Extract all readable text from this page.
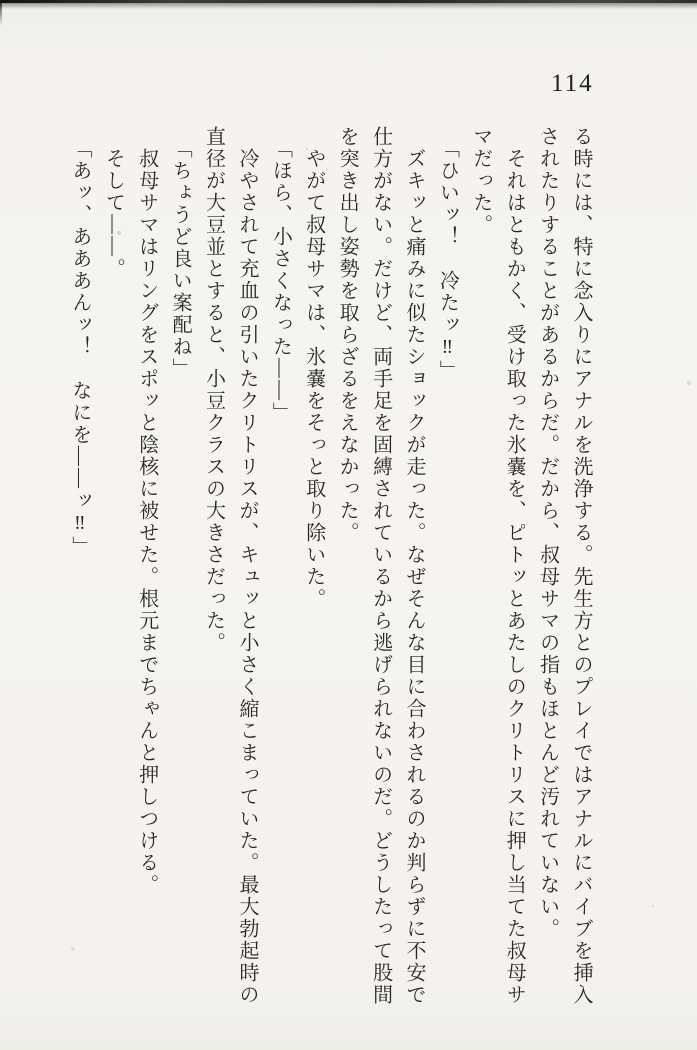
114
る時には、特に念入りにアナルを洗浄する。先生方とのプレイではアナルにバイブを挿入
されたりすることがあるからだ。だから、叔母サマの指もほとんど汚れていない。
それはともかく、受け取った氷嚢を、ピトッとあたしのクリトリスに押し当てた叔母サ
マだった。
「ひいッ！　冷たッ‼」
ズキッと痛みに似たショックが走った。なぜそんな目に合わされるのか判らずに不安で
仕方がない。だけど、両手足を固縛されているから逃げられないのだ。どうしたって股間
を突き出し姿勢を取らざるをえなかった。
やがて叔母サマは、氷嚢をそっと取り除いた。
「ほら、小さくなった——」
冷やされて充血の引いたクリトリスが、キュッと小さく縮こまっていた。最大勃起時の
直径が大豆並とすると、小豆クラスの大きさだった。
「ちょうど良い案配ね」
叔母サマはリングをスポッと陰核に被せた。根元までちゃんと押しつける。
そして——。
「あッ、あああんッ！　なにを——ッ‼」
